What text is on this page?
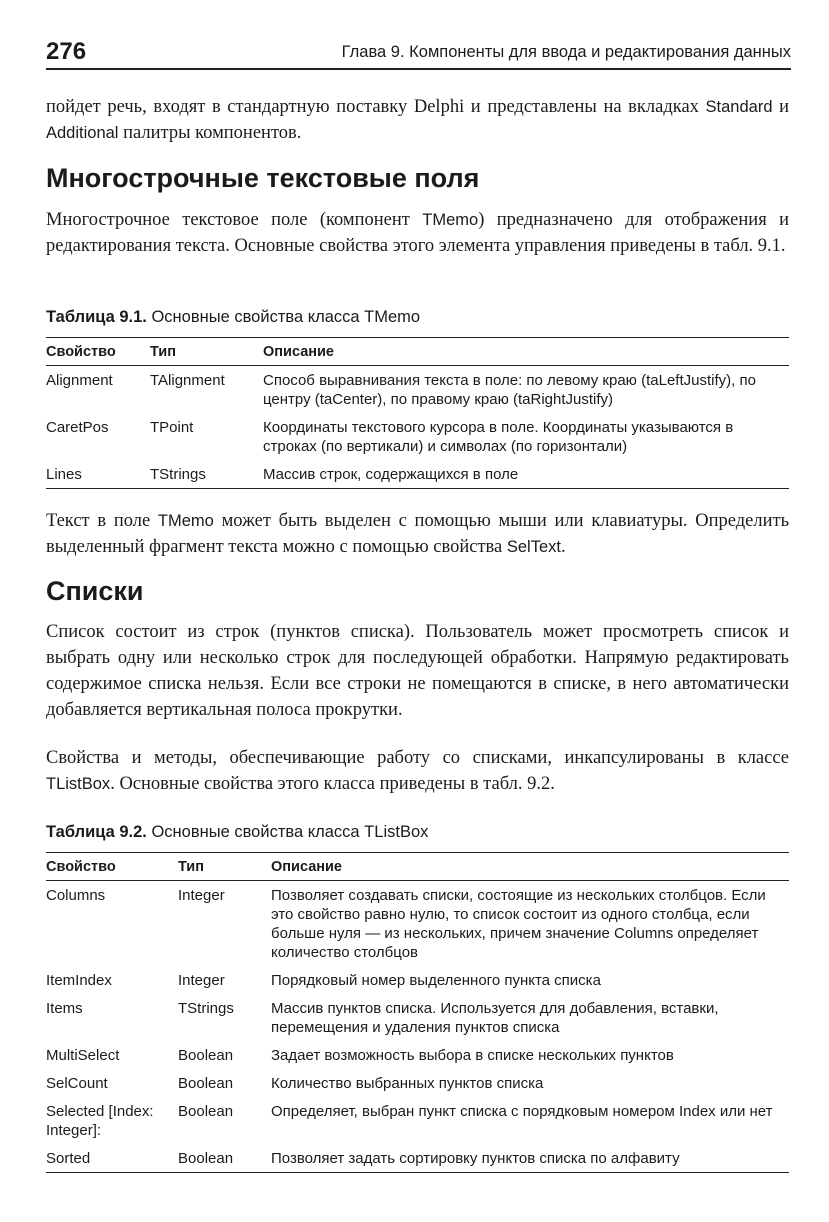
276	Глава 9. Компоненты для ввода и редактирования данных

пойдет речь, входят в стандартную поставку Delphi и представлены на вкладках Standard и Additional палитры компонентов.

Многострочные текстовые поля

Многострочное текстовое поле (компонент TMemo) предназначено для отображения и редактирования текста. Основные свойства этого элемента управления приведены в табл. 9.1.

Таблица 9.1. Основные свойства класса TMemo
Свойство	Тип	Описание
Alignment	TAlignment	Способ выравнивания текста в поле: по левому краю (taLeftJustify), по центру (taCenter), по правому краю (taRightJustify)
CaretPos	TPoint	Координаты текстового курсора в поле. Координаты указываются в строках (по вертикали) и символах (по горизонтали)
Lines	TStrings	Массив строк, содержащихся в поле

Текст в поле TMemo может быть выделен с помощью мыши или клавиатуры. Определить выделенный фрагмент текста можно с помощью свойства SelText.

Списки

Список состоит из строк (пунктов списка). Пользователь может просмотреть список и выбрать одну или несколько строк для последующей обработки. Напрямую редактировать содержимое списка нельзя. Если все строки не помещаются в списке, в него автоматически добавляется вертикальная полоса прокрутки.

Свойства и методы, обеспечивающие работу со списками, инкапсулированы в классе TListBox. Основные свойства этого класса приведены в табл. 9.2.

Таблица 9.2. Основные свойства класса TListBox
Свойство	Тип	Описание
Columns	Integer	Позволяет создавать списки, состоящие из нескольких столбцов. Если это свойство равно нулю, то список состоит из одного столбца, если больше нуля — из нескольких, причем значение Columns определяет количество столбцов
ItemIndex	Integer	Порядковый номер выделенного пункта списка
Items	TStrings	Массив пунктов списка. Используется для добавления, вставки, перемещения и удаления пунктов списка
MultiSelect	Boolean	Задает возможность выбора в списке нескольких пунктов
SelCount	Boolean	Количество выбранных пунктов списка
Selected [Index: Integer]:	Boolean	Определяет, выбран пункт списка с порядковым номером Index или нет
Sorted	Boolean	Позволяет задать сортировку пунктов списка по алфавиту
